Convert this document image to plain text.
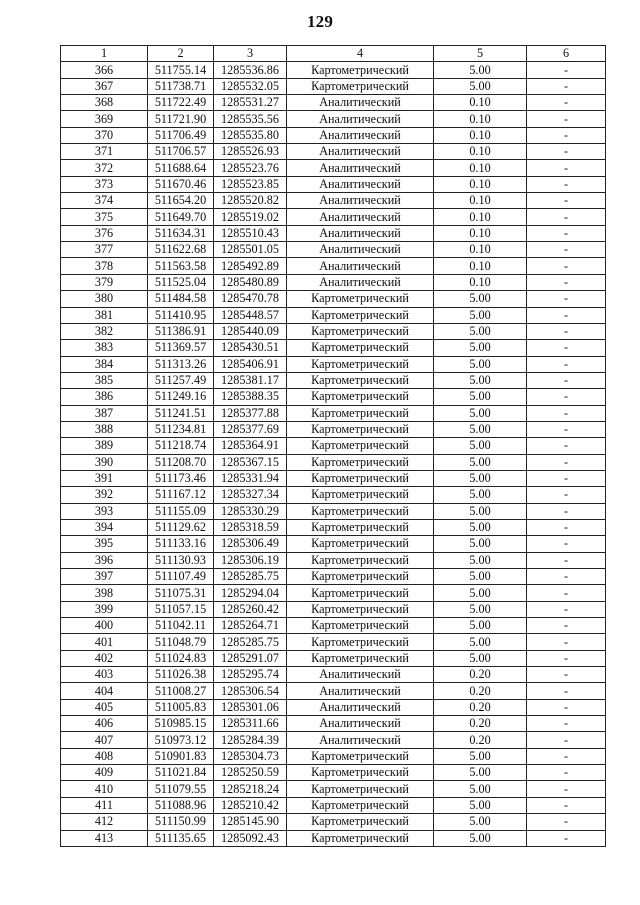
129
1	2	3	4	5	6
366	511755.14	1285536.86	Картометрический	5.00	-
367	511738.71	1285532.05	Картометрический	5.00	-
368	511722.49	1285531.27	Аналитический	0.10	-
369	511721.90	1285535.56	Аналитический	0.10	-
370	511706.49	1285535.80	Аналитический	0.10	-
371	511706.57	1285526.93	Аналитический	0.10	-
372	511688.64	1285523.76	Аналитический	0.10	-
373	511670.46	1285523.85	Аналитический	0.10	-
374	511654.20	1285520.82	Аналитический	0.10	-
375	511649.70	1285519.02	Аналитический	0.10	-
376	511634.31	1285510.43	Аналитический	0.10	-
377	511622.68	1285501.05	Аналитический	0.10	-
378	511563.58	1285492.89	Аналитический	0.10	-
379	511525.04	1285480.89	Аналитический	0.10	-
380	511484.58	1285470.78	Картометрический	5.00	-
381	511410.95	1285448.57	Картометрический	5.00	-
382	511386.91	1285440.09	Картометрический	5.00	-
383	511369.57	1285430.51	Картометрический	5.00	-
384	511313.26	1285406.91	Картометрический	5.00	-
385	511257.49	1285381.17	Картометрический	5.00	-
386	511249.16	1285388.35	Картометрический	5.00	-
387	511241.51	1285377.88	Картометрический	5.00	-
388	511234.81	1285377.69	Картометрический	5.00	-
389	511218.74	1285364.91	Картометрический	5.00	-
390	511208.70	1285367.15	Картометрический	5.00	-
391	511173.46	1285331.94	Картометрический	5.00	-
392	511167.12	1285327.34	Картометрический	5.00	-
393	511155.09	1285330.29	Картометрический	5.00	-
394	511129.62	1285318.59	Картометрический	5.00	-
395	511133.16	1285306.49	Картометрический	5.00	-
396	511130.93	1285306.19	Картометрический	5.00	-
397	511107.49	1285285.75	Картометрический	5.00	-
398	511075.31	1285294.04	Картометрический	5.00	-
399	511057.15	1285260.42	Картометрический	5.00	-
400	511042.11	1285264.71	Картометрический	5.00	-
401	511048.79	1285285.75	Картометрический	5.00	-
402	511024.83	1285291.07	Картометрический	5.00	-
403	511026.38	1285295.74	Аналитический	0.20	-
404	511008.27	1285306.54	Аналитический	0.20	-
405	511005.83	1285301.06	Аналитический	0.20	-
406	510985.15	1285311.66	Аналитический	0.20	-
407	510973.12	1285284.39	Аналитический	0.20	-
408	510901.83	1285304.73	Картометрический	5.00	-
409	511021.84	1285250.59	Картометрический	5.00	-
410	511079.55	1285218.24	Картометрический	5.00	-
411	511088.96	1285210.42	Картометрический	5.00	-
412	511150.99	1285145.90	Картометрический	5.00	-
413	511135.65	1285092.43	Картометрический	5.00	-
